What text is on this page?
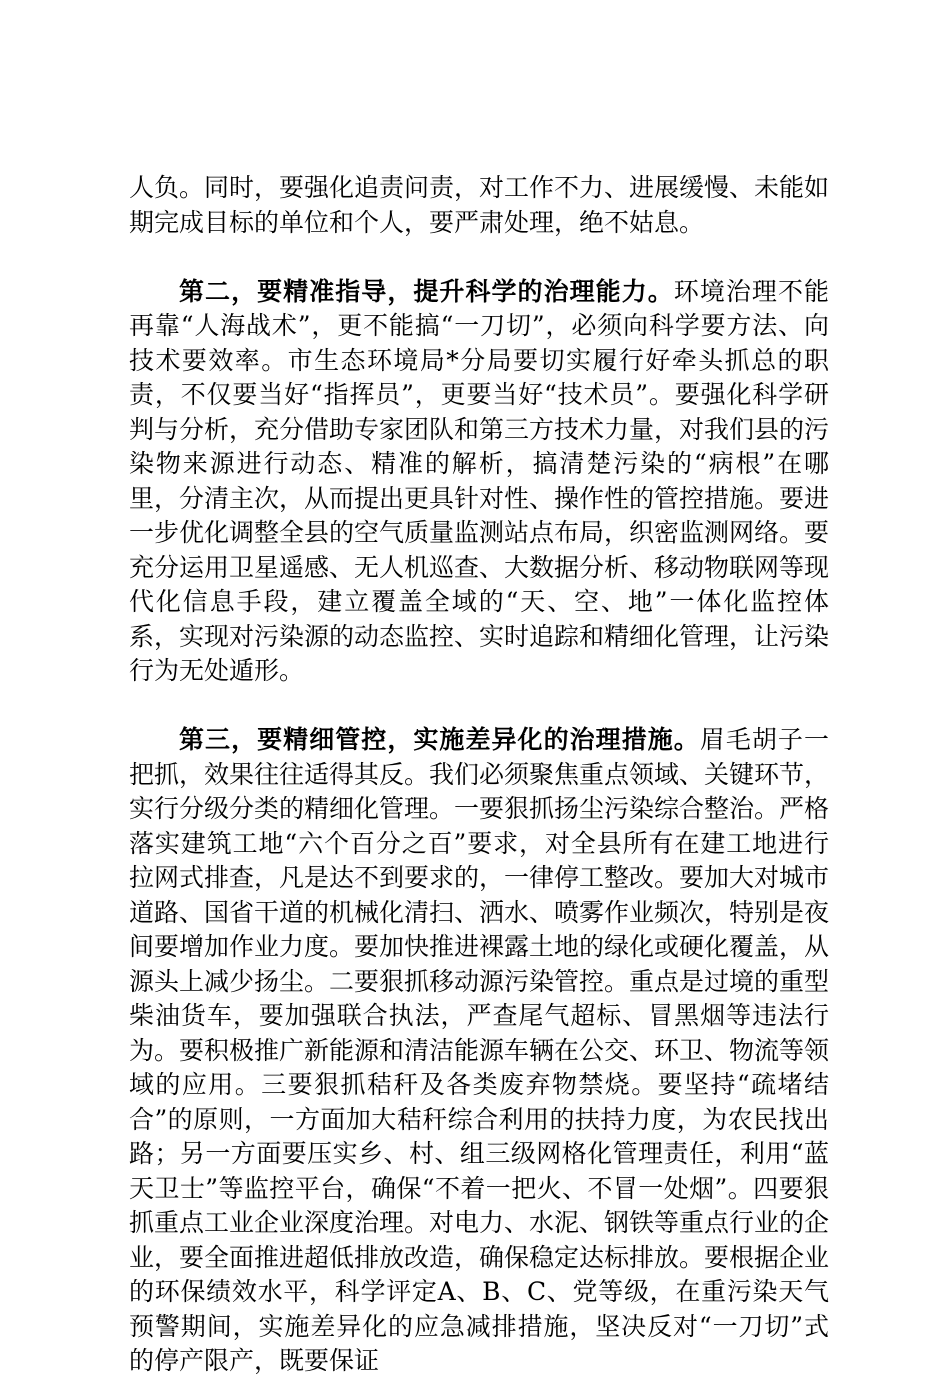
人负。同时，要强化追责问责，对工作不力、进展缓慢、未能如期完成目标的单位和个人，要严肃处理，绝不姑息。

第二，要精准指导，提升科学的治理能力。环境治理不能再靠“人海战术”，更不能搞“一刀切”，必须向科学要方法、向技术要效率。市生态环境局*分局要切实履行好牵头抓总的职责，不仅要当好“指挥员”，更要当好“技术员”。要强化科学研判与分析，充分借助专家团队和第三方技术力量，对我们县的污染物来源进行动态、精准的解析，搞清楚污染的“病根”在哪里，分清主次，从而提出更具针对性、操作性的管控措施。要进一步优化调整全县的空气质量监测站点布局，织密监测网络。要充分运用卫星遥感、无人机巡查、大数据分析、移动物联网等现代化信息手段，建立覆盖全域的“天、空、地”一体化监控体系，实现对污染源的动态监控、实时追踪和精细化管理，让污染行为无处遁形。

第三，要精细管控，实施差异化的治理措施。眉毛胡子一把抓，效果往往适得其反。我们必须聚焦重点领域、关键环节，实行分级分类的精细化管理。一要狠抓扬尘污染综合整治。严格落实建筑工地“六个百分之百”要求，对全县所有在建工地进行拉网式排查，凡是达不到要求的，一律停工整改。要加大对城市道路、国省干道的机械化清扫、洒水、喷雾作业频次，特别是夜间要增加作业力度。要加快推进裸露土地的绿化或硬化覆盖，从源头上减少扬尘。二要狠抓移动源污染管控。重点是过境的重型柴油货车，要加强联合执法，严查尾气超标、冒黑烟等违法行为。要积极推广新能源和清洁能源车辆在公交、环卫、物流等领域的应用。三要狠抓秸秆及各类废弃物禁烧。要坚持“疏堵结合”的原则，一方面加大秸秆综合利用的扶持力度，为农民找出路；另一方面要压实乡、村、组三级网格化管理责任，利用“蓝天卫士”等监控平台，确保“不着一把火、不冒一处烟”。四要狠抓重点工业企业深度治理。对电力、水泥、钢铁等重点行业的企业，要全面推进超低排放改造，确保稳定达标排放。要根据企业的环保绩效水平，科学评定A、B、C、党等级，在重污染天气预警期间，实施差异化的应急减排措施，坚决反对“一刀切”式的停产限产，既要保证
